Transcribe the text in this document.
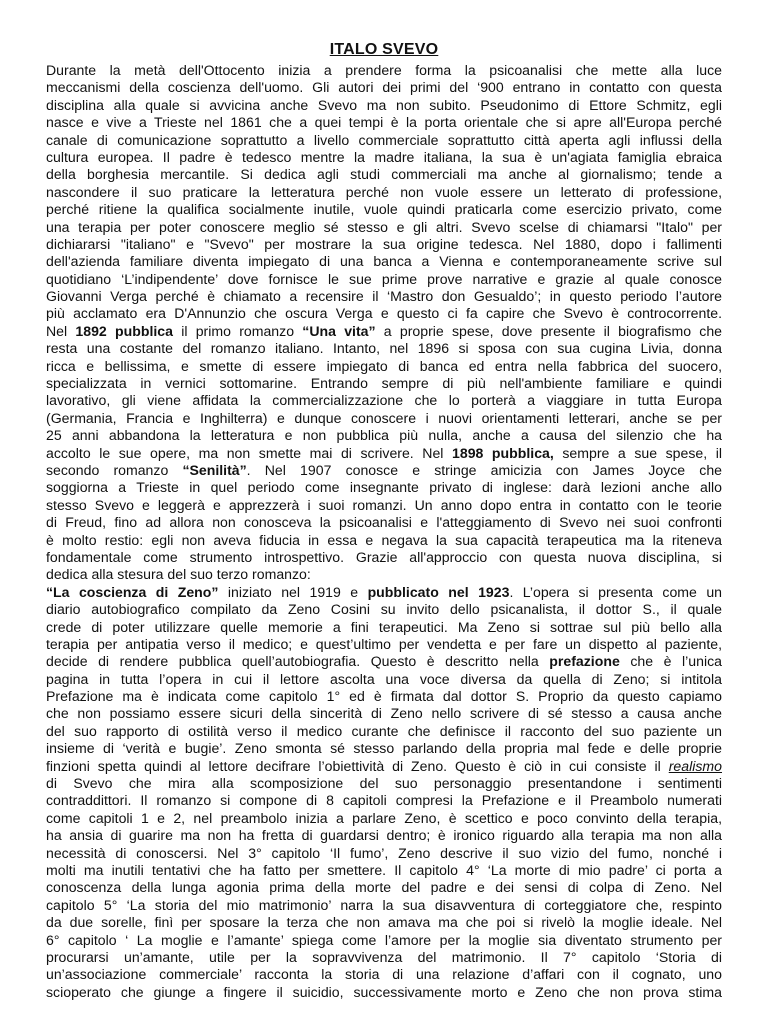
ITALO SVEVO
Durante la metà dell'Ottocento inizia a prendere forma la psicoanalisi che mette alla luce
meccanismi della coscienza dell'uomo. Gli autori dei primi del ‘900 entrano in contatto con questa
disciplina alla quale si avvicina anche Svevo ma non subito. Pseudonimo di Ettore Schmitz, egli
nasce e vive a Trieste nel 1861 che a quei tempi è la porta orientale che si apre all'Europa perché
canale di comunicazione soprattutto a livello commerciale soprattutto città aperta agli influssi della
cultura europea. Il padre è tedesco mentre la madre italiana, la sua è un'agiata famiglia ebraica
della borghesia mercantile. Si dedica agli studi commerciali ma anche al giornalismo; tende a
nascondere il suo praticare la letteratura perché non vuole essere un letterato di professione,
perché ritiene la qualifica socialmente inutile, vuole quindi praticarla come esercizio privato, come
una terapia per poter conoscere meglio sé stesso e gli altri. Svevo scelse di chiamarsi "Italo" per
dichiararsi "italiano" e "Svevo" per mostrare la sua origine tedesca. Nel 1880, dopo i fallimenti
dell'azienda familiare diventa impiegato di una banca a Vienna e contemporaneamente scrive sul
quotidiano ‘L’indipendente’ dove fornisce le sue prime prove narrative e grazie al quale conosce
Giovanni Verga perché è chiamato a recensire il ‘Mastro don Gesualdo’; in questo periodo l’autore
più acclamato era D'Annunzio che oscura Verga e questo ci fa capire che Svevo è controcorrente.
Nel 1892 pubblica il primo romanzo “Una vita” a proprie spese, dove presente il biografismo che
resta una costante del romanzo italiano. Intanto, nel 1896 si sposa con sua cugina Livia, donna
ricca e bellissima, e smette di essere impiegato di banca ed entra nella fabbrica del suocero,
specializzata in vernici sottomarine. Entrando sempre di più nell'ambiente familiare e quindi
lavorativo, gli viene affidata la commercializzazione che lo porterà a viaggiare in tutta Europa
(Germania, Francia e Inghilterra) e dunque conoscere i nuovi orientamenti letterari, anche se per
25 anni abbandona la letteratura e non pubblica più nulla, anche a causa del silenzio che ha
accolto le sue opere, ma non smette mai di scrivere. Nel 1898 pubblica, sempre a sue spese, il
secondo romanzo “Senilità”. Nel 1907 conosce e stringe amicizia con James Joyce che
soggiorna a Trieste in quel periodo come insegnante privato di inglese: darà lezioni anche allo
stesso Svevo e leggerà e apprezzerà i suoi romanzi. Un anno dopo entra in contatto con le teorie
di Freud, fino ad allora non conosceva la psicoanalisi e l'atteggiamento di Svevo nei suoi confronti
è molto restio: egli non aveva fiducia in essa e negava la sua capacità terapeutica ma la riteneva
fondamentale come strumento introspettivo. Grazie all'approccio con questa nuova disciplina, si
dedica alla stesura del suo terzo romanzo:
“La coscienza di Zeno” iniziato nel 1919 e pubblicato nel 1923. L’opera si presenta come un
diario autobiografico compilato da Zeno Cosini su invito dello psicanalista, il dottor S., il quale
crede di poter utilizzare quelle memorie a fini terapeutici. Ma Zeno si sottrae sul più bello alla
terapia per antipatia verso il medico; e quest’ultimo per vendetta e per fare un dispetto al paziente,
decide di rendere pubblica quell’autobiografia. Questo è descritto nella prefazione che è l’unica
pagina in tutta l’opera in cui il lettore ascolta una voce diversa da quella di Zeno; si intitola
Prefazione ma è indicata come capitolo 1° ed è firmata dal dottor S. Proprio da questo capiamo
che non possiamo essere sicuri della sincerità di Zeno nello scrivere di sé stesso a causa anche
del suo rapporto di ostilità verso il medico curante che definisce il racconto del suo paziente un
insieme di ‘verità e bugie’. Zeno smonta sé stesso parlando della propria mal fede e delle proprie
finzioni spetta quindi al lettore decifrare l’obiettività di Zeno. Questo è ciò in cui consiste il realismo
di Svevo che mira alla scomposizione del suo personaggio presentandone i sentimenti
contraddittori. Il romanzo si compone di 8 capitoli compresi la Prefazione e il Preambolo numerati
come capitoli 1 e 2, nel preambolo inizia a parlare Zeno, è scettico e poco convinto della terapia,
ha ansia di guarire ma non ha fretta di guardarsi dentro; è ironico riguardo alla terapia ma non alla
necessità di conoscersi. Nel 3° capitolo ‘Il fumo’, Zeno descrive il suo vizio del fumo, nonché i
molti ma inutili tentativi che ha fatto per smettere. Il capitolo 4° ‘La morte di mio padre’ ci porta a
conoscenza della lunga agonia prima della morte del padre e dei sensi di colpa di Zeno. Nel
capitolo 5° ‘La storia del mio matrimonio’ narra la sua disavventura di corteggiatore che, respinto
da due sorelle, finì per sposare la terza che non amava ma che poi si rivelò la moglie ideale. Nel
6° capitolo ‘ La moglie e l’amante’ spiega come l’amore per la moglie sia diventato strumento per
procurarsi un’amante, utile per la sopravvivenza del matrimonio. Il 7° capitolo ‘Storia di
un’associazione commerciale’ racconta la storia di una relazione d’affari con il cognato, uno
scioperato che giunge a fingere il suicidio, successivamente morto e Zeno che non prova stima
